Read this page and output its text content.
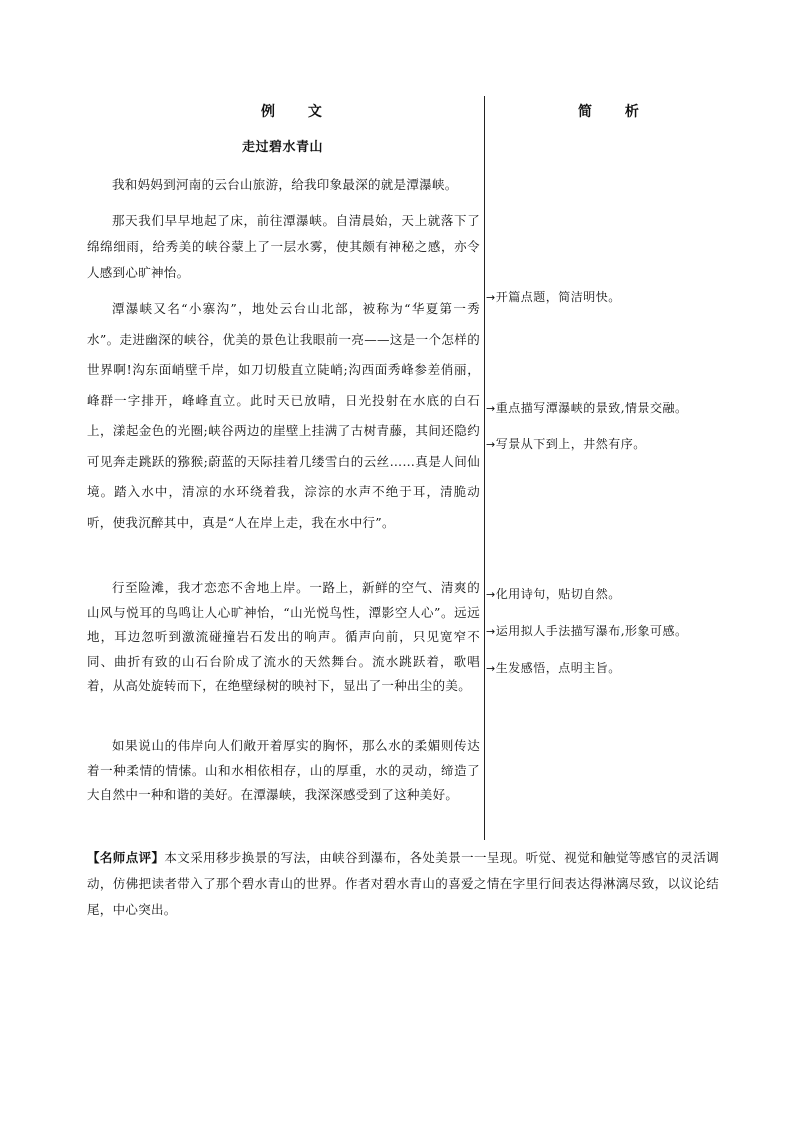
例 文	简 析
走过碧水青山
我和妈妈到河南的云台山旅游，给我印象最深的就是潭瀑峡。
那天我们早早地起了床，前往潭瀑峡。自清晨始，天上就落下了绵绵细雨，给秀美的峡谷蒙上了一层水雾，使其颇有神秘之感，亦令人感到心旷神怡。
潭瀑峡又名“小寨沟”，地处云台山北部，被称为“华夏第一秀水”。走进幽深的峡谷，优美的景色让我眼前一亮——这是一个怎样的世界啊!沟东面峭壁千岸，如刀切般直立陡峭;沟西面秀峰参差俏丽，峰群一字排开，峰峰直立。此时天已放晴，日光投射在水底的白石上，漾起金色的光圈;峡谷两边的崖壁上挂满了古树青藤，其间还隐约可见奔走跳跃的猕猴;蔚蓝的天际挂着几缕雪白的云丝……真是人间仙境。踏入水中，清凉的水环绕着我，淙淙的水声不绝于耳，清脆动听，使我沉醉其中，真是“人在岸上走，我在水中行”。
行至险滩，我才恋恋不舍地上岸。一路上，新鲜的空气、清爽的山风与悦耳的鸟鸣让人心旷神怡，“山光悦鸟性，潭影空人心”。远远地，耳边忽听到激流碰撞岩石发出的响声。循声向前，只见宽窄不同、曲折有致的山石台阶成了流水的天然舞台。流水跳跃着，歌唱着，从高处旋转而下，在绝壁绿树的映衬下，显出了一种出尘的美。
如果说山的伟岸向人们敞开着厚实的胸怀，那么水的柔媚则传达着一种柔情的情愫。山和水相依相存，山的厚重，水的灵动，缔造了大自然中一种和谐的美好。在潭瀑峡，我深深感受到了这种美好。
→开篇点题，简洁明快。
→重点描写潭瀑峡的景致,情景交融。
→写景从下到上，井然有序。
→化用诗句，贴切自然。
→运用拟人手法描写瀑布,形象可感。
→生发感悟，点明主旨。
【名师点评】本文采用移步换景的写法，由峡谷到瀑布，各处美景一一呈现。听觉、视觉和触觉等感官的灵活调动，仿佛把读者带入了那个碧水青山的世界。作者对碧水青山的喜爱之情在字里行间表达得淋漓尽致，以议论结尾，中心突出。
